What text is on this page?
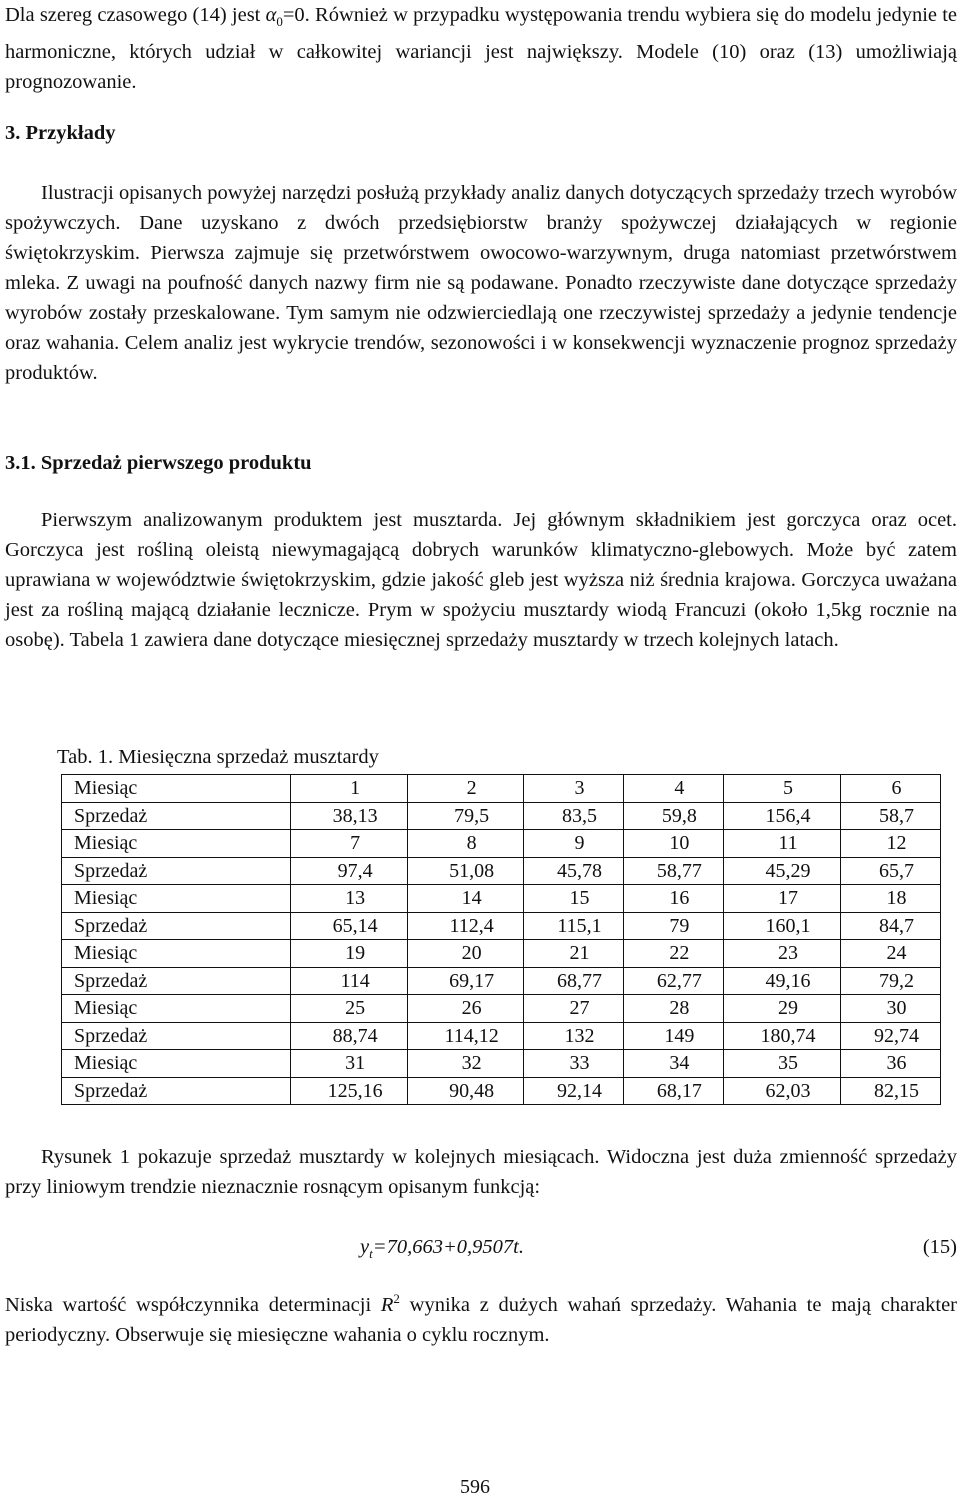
Dla szereg czasowego (14) jest $\alpha_0=0$. Również w przypadku występowania trendu wybiera się do modelu jedynie te harmoniczne, których udział w całkowitej wariancji jest największy. Modele (10) oraz (13) umożliwiają prognozowanie.

3. Przykłady

Ilustracji opisanych powyżej narzędzi posłużą przykłady analiz danych dotyczących sprzedaży trzech wyrobów spożywczych. Dane uzyskano z dwóch przedsiębiorstw branży spożywczej działających w regionie świętokrzyskim. Pierwsza zajmuje się przetwórstwem owocowo-warzywnym, druga natomiast przetwórstwem mleka. Z uwagi na poufność danych nazwy firm nie są podawane. Ponadto rzeczywiste dane dotyczące sprzedaży wyrobów zostały przeskalowane. Tym samym nie odzwierciedlają one rzeczywistej sprzedaży a jedynie tendencje oraz wahania. Celem analiz jest wykrycie trendów, sezonowości i w konsekwencji wyznaczenie prognoz sprzedaży produktów.

3.1. Sprzedaż pierwszego produktu

Pierwszym analizowanym produktem jest musztarda. Jej głównym składnikiem jest gorczyca oraz ocet. Gorczyca jest rośliną oleistą niewymagającą dobrych warunków klimatyczno-glebowych. Może być zatem uprawiana w województwie świętokrzyskim, gdzie jakość gleb jest wyższa niż średnia krajowa. Gorczyca uważana jest za rośliną mającą działanie lecznicze. Prym w spożyciu musztardy wiodą Francuzi (około 1,5kg rocznie na osobę). Tabela 1 zawiera dane dotyczące miesięcznej sprzedaży musztardy w trzech kolejnych latach.

Tab. 1. Miesięczna sprzedaż musztardy
Miesiąc	1	2	3	4	5	6
Sprzedaż	38,13	79,5	83,5	59,8	156,4	58,7
Miesiąc	7	8	9	10	11	12
Sprzedaż	97,4	51,08	45,78	58,77	45,29	65,7
Miesiąc	13	14	15	16	17	18
Sprzedaż	65,14	112,4	115,1	79	160,1	84,7
Miesiąc	19	20	21	22	23	24
Sprzedaż	114	69,17	68,77	62,77	49,16	79,2
Miesiąc	25	26	27	28	29	30
Sprzedaż	88,74	114,12	132	149	180,74	92,74
Miesiąc	31	32	33	34	35	36
Sprzedaż	125,16	90,48	92,14	68,17	62,03	82,15

Rysunek 1 pokazuje sprzedaż musztardy w kolejnych miesiącach. Widoczna jest duża zmienność sprzedaży przy liniowym trendzie nieznacznie rosnącym opisanym funkcją:

$y_t=70,663+0,9507t$.	(15)

Niska wartość współczynnika determinacji $R^2$ wynika z dużych wahań sprzedaży. Wahania te mają charakter periodyczny. Obserwuje się miesięczne wahania o cyklu rocznym.

596
